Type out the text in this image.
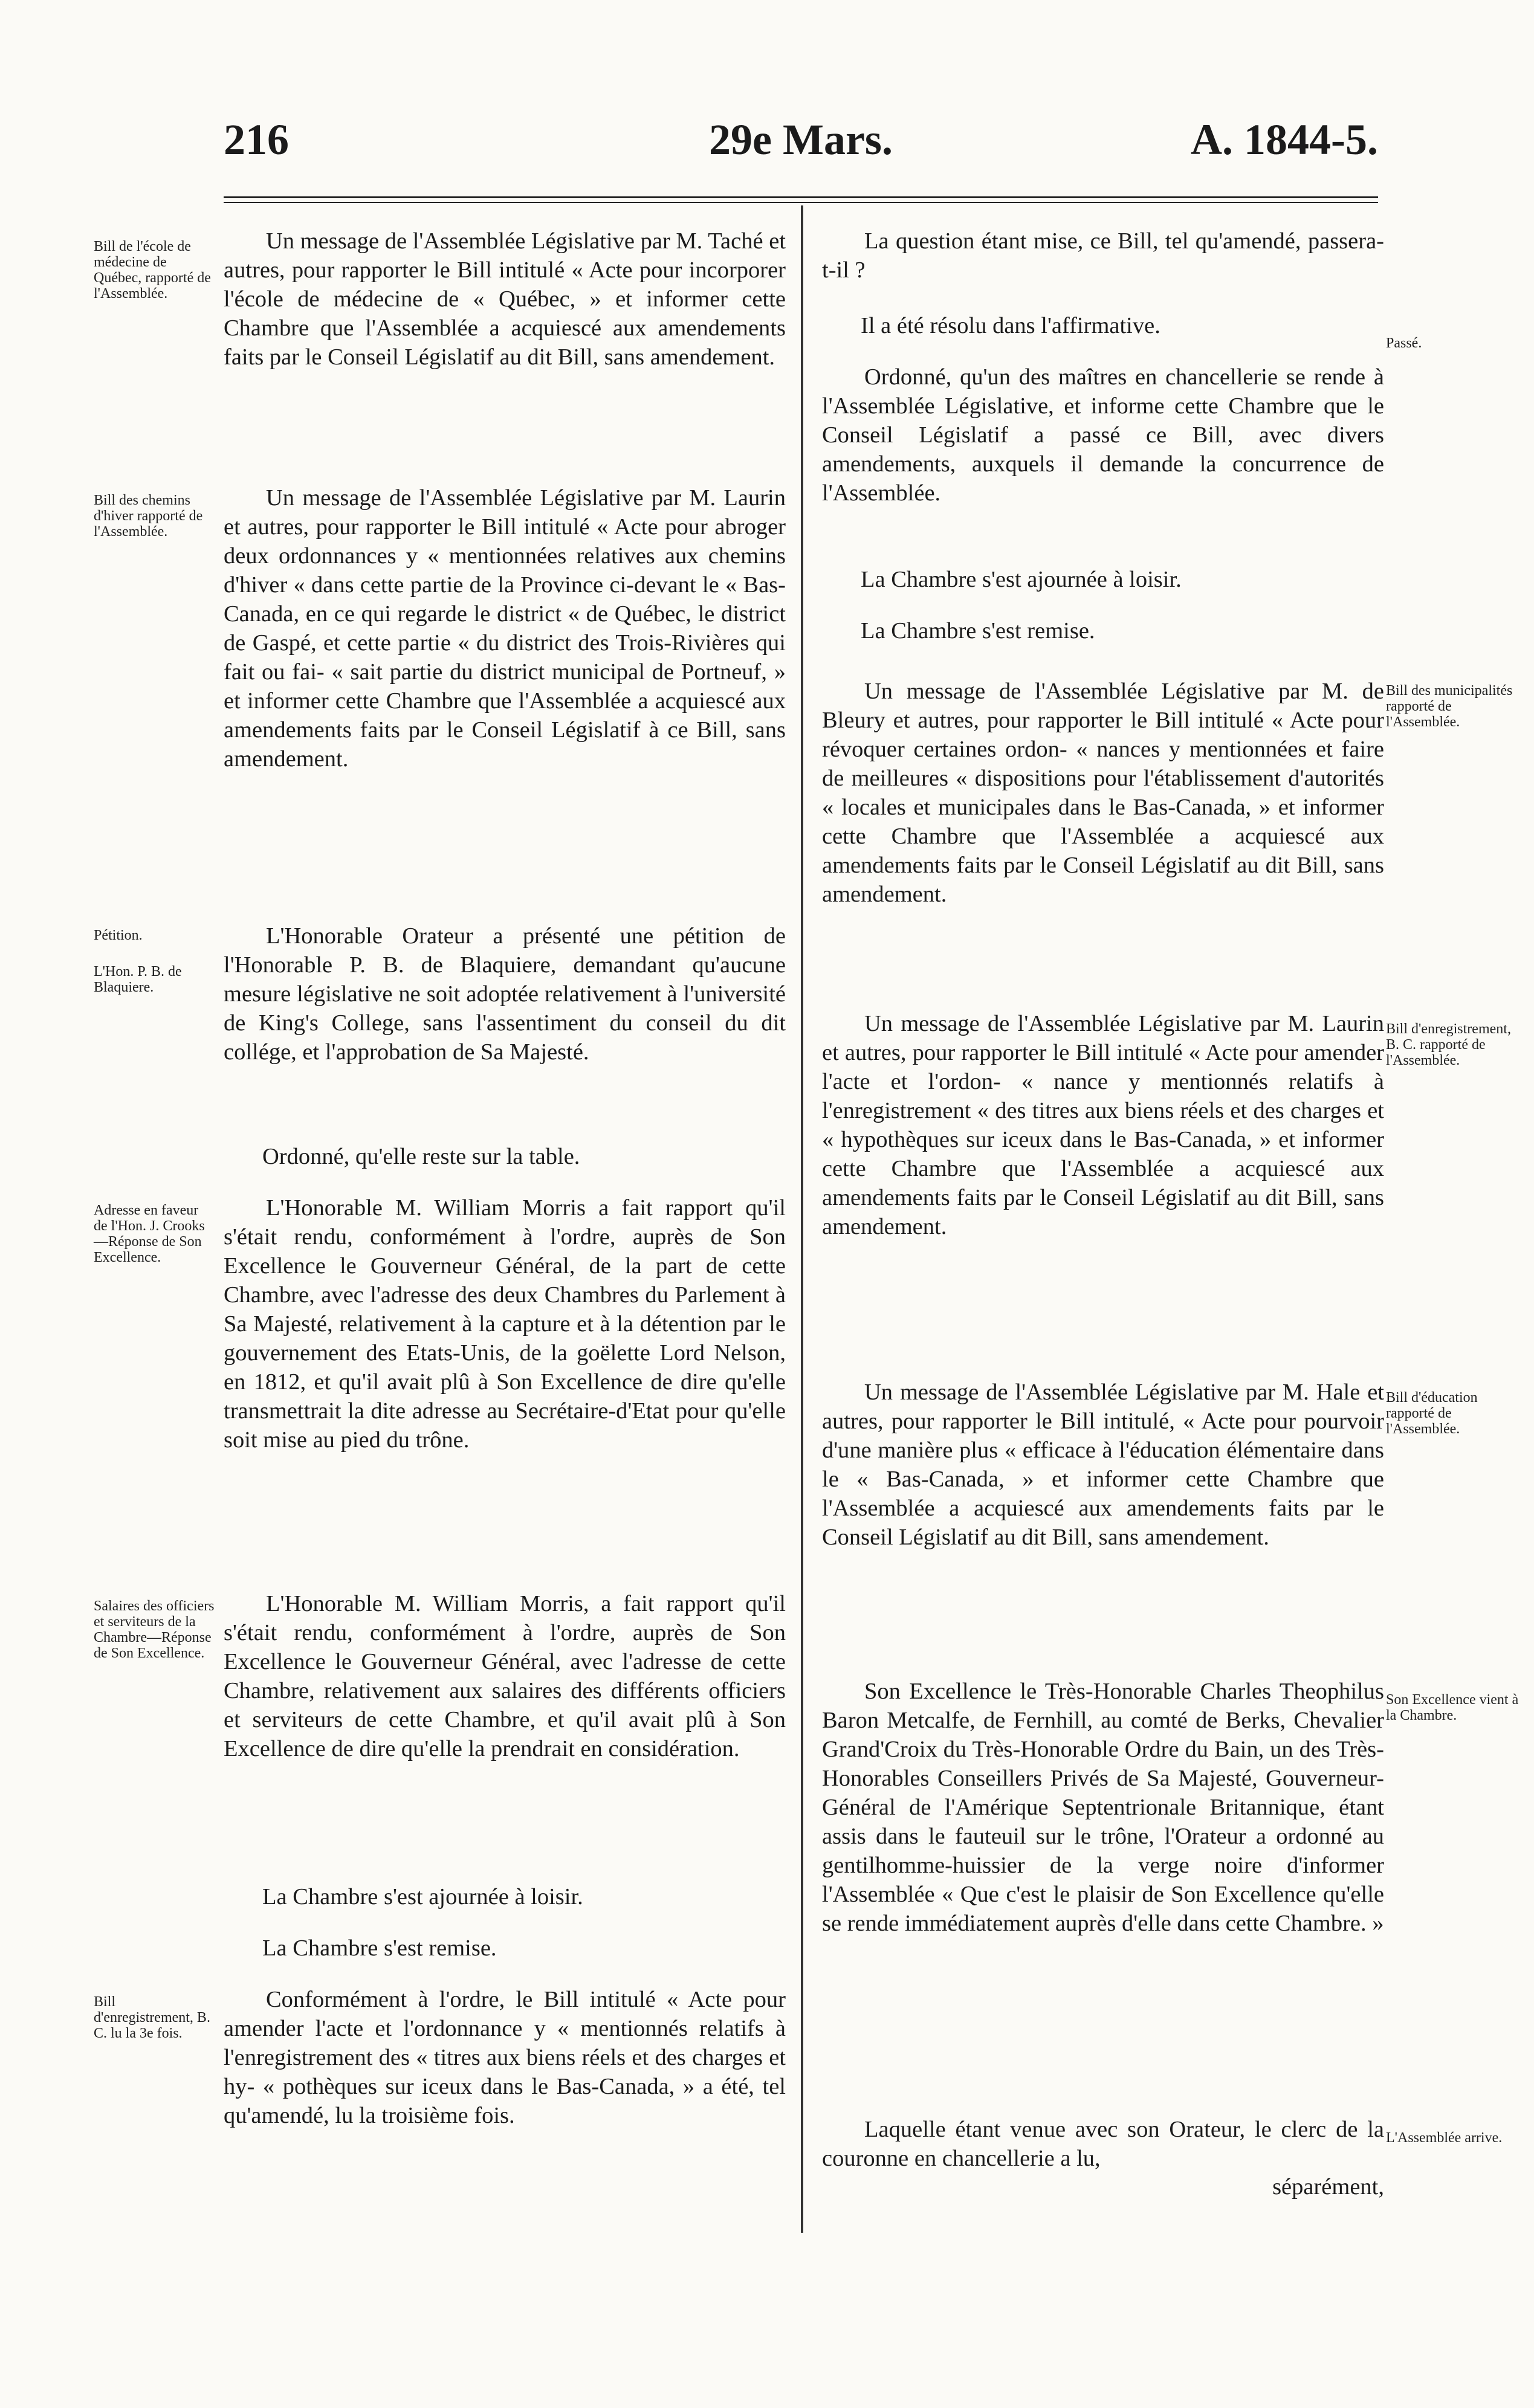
216	29e Mars.	A. 1844-5.
Bill de l'école de médecine de Québec, rapporté de l'Assemblée.
Bill des chemins d'hiver rapporté de l'Assemblée.
Pétition.
L'Hon. P. B. de Blaquiere.
Adresse en faveur de l'Hon. J. Crooks—Réponse de Son Excellence.
Salaires des officiers et serviteurs de la Chambre—Réponse de Son Excellence.
Bill d'enregistrement, B. C. lu la 3e fois.
Un message de l'Assemblée Législative par M. Taché et autres, pour rapporter le Bill intitulé « Acte pour incorporer l'école de médecine de « Québec, » et informer cette Chambre que l'Assemblée a acquiescé aux amendements faits par le Conseil Législatif au dit Bill, sans amendement.
Un message de l'Assemblée Législative par M. Laurin et autres, pour rapporter le Bill intitulé « Acte pour abroger deux ordonnances y « mentionnées relatives aux chemins d'hiver « dans cette partie de la Province ci-devant le « Bas-Canada, en ce qui regarde le district « de Québec, le district de Gaspé, et cette partie « du district des Trois-Rivières qui fait ou fai- « sait partie du district municipal de Portneuf, » et informer cette Chambre que l'Assemblée a acquiescé aux amendements faits par le Conseil Législatif à ce Bill, sans amendement.
L'Honorable Orateur a présenté une pétition de l'Honorable P. B. de Blaquiere, demandant qu'aucune mesure législative ne soit adoptée relativement à l'université de King's College, sans l'assentiment du conseil du dit collége, et l'approbation de Sa Majesté.
Ordonné, qu'elle reste sur la table.
L'Honorable M. William Morris a fait rapport qu'il s'était rendu, conformément à l'ordre, auprès de Son Excellence le Gouverneur Général, de la part de cette Chambre, avec l'adresse des deux Chambres du Parlement à Sa Majesté, relativement à la capture et à la détention par le gouvernement des Etats-Unis, de la goëlette Lord Nelson, en 1812, et qu'il avait plû à Son Excellence de dire qu'elle transmettrait la dite adresse au Secrétaire-d'Etat pour qu'elle soit mise au pied du trône.
L'Honorable M. William Morris, a fait rapport qu'il s'était rendu, conformément à l'ordre, auprès de Son Excellence le Gouverneur Général, avec l'adresse de cette Chambre, relativement aux salaires des différents officiers et serviteurs de cette Chambre, et qu'il avait plû à Son Excellence de dire qu'elle la prendrait en considération.
La Chambre s'est ajournée à loisir.
La Chambre s'est remise.
Conformément à l'ordre, le Bill intitulé « Acte pour amender l'acte et l'ordonnance y « mentionnés relatifs à l'enregistrement des « titres aux biens réels et des charges et hy- « pothèques sur iceux dans le Bas-Canada, » a été, tel qu'amendé, lu la troisième fois.
La question étant mise, ce Bill, tel qu'amendé, passera-t-il ?
Il a été résolu dans l'affirmative.
Ordonné, qu'un des maîtres en chancellerie se rende à l'Assemblée Législative, et informe cette Chambre que le Conseil Législatif a passé ce Bill, avec divers amendements, auxquels il demande la concurrence de l'Assemblée.
La Chambre s'est ajournée à loisir.
La Chambre s'est remise.
Un message de l'Assemblée Législative par M. de Bleury et autres, pour rapporter le Bill intitulé « Acte pour révoquer certaines ordon- « nances y mentionnées et faire de meilleures « dispositions pour l'établissement d'autorités « locales et municipales dans le Bas-Canada, » et informer cette Chambre que l'Assemblée a acquiescé aux amendements faits par le Conseil Législatif au dit Bill, sans amendement.
Un message de l'Assemblée Législative par M. Laurin et autres, pour rapporter le Bill intitulé « Acte pour amender l'acte et l'ordon- « nance y mentionnés relatifs à l'enregistrement « des titres aux biens réels et des charges et « hypothèques sur iceux dans le Bas-Canada, » et informer cette Chambre que l'Assemblée a acquiescé aux amendements faits par le Conseil Législatif au dit Bill, sans amendement.
Un message de l'Assemblée Législative par M. Hale et autres, pour rapporter le Bill intitulé, « Acte pour pourvoir d'une manière plus « efficace à l'éducation élémentaire dans le « Bas-Canada, » et informer cette Chambre que l'Assemblée a acquiescé aux amendements faits par le Conseil Législatif au dit Bill, sans amendement.
Son Excellence le Très-Honorable Charles Theophilus Baron Metcalfe, de Fernhill, au comté de Berks, Chevalier Grand'Croix du Très-Honorable Ordre du Bain, un des Très-Honorables Conseillers Privés de Sa Majesté, Gouverneur-Général de l'Amérique Septentrionale Britannique, étant assis dans le fauteuil sur le trône, l'Orateur a ordonné au gentilhomme-huissier de la verge noire d'informer l'Assemblée « Que c'est le plaisir de Son Excellence qu'elle se rende immédiatement auprès d'elle dans cette Chambre. »
Laquelle étant venue avec son Orateur, le clerc de la couronne en chancellerie a lu,
séparément,
Passé.
Bill des municipalités rapporté de l'Assemblée.
Bill d'enregistrement, B. C. rapporté de l'Assemblée.
Bill d'éducation rapporté de l'Assemblée.
Son Excellence vient à la Chambre.
L'Assemblée arrive.
